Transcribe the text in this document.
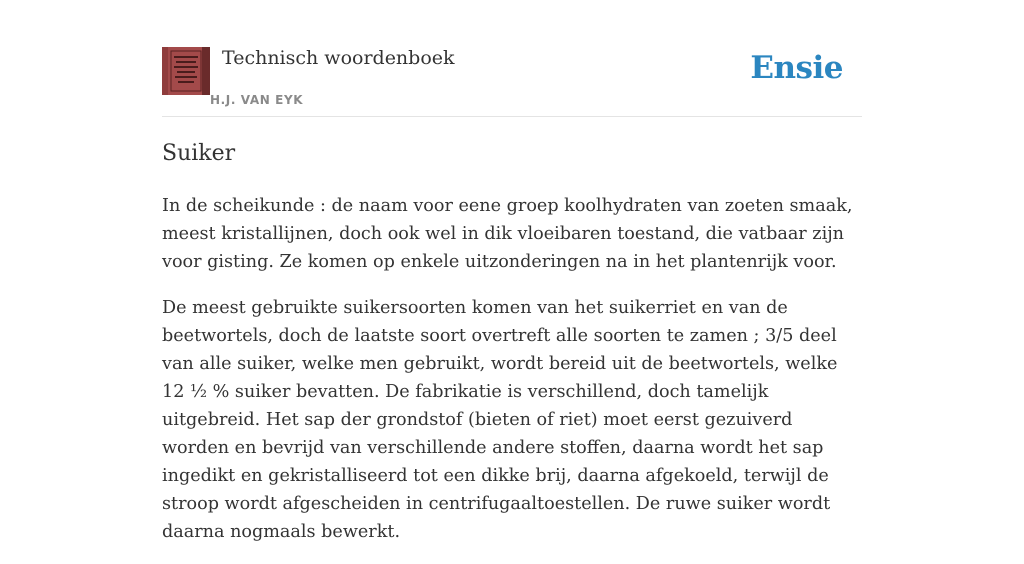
Technisch woordenboek
H.J. VAN EYK
Ensie
Suiker

In de scheikunde : de naam voor eene groep koolhydraten van zoeten smaak, meest kristallijnen, doch ook wel in dik vloeibaren toestand, die vatbaar zijn voor gisting. Ze komen op enkele uitzonderingen na in het plantenrijk voor.

De meest gebruikte suikersoorten komen van het suikerriet en van de beetwortels, doch de laatste soort overtreft alle soorten te zamen ; 3/5 deel van alle suiker, welke men gebruikt, wordt bereid uit de beetwortels, welke 12 ½ % suiker bevatten. De fabrikatie is verschillend, doch tamelijk uitgebreid. Het sap der grondstof (bieten of riet) moet eerst gezuiverd worden en bevrijd van verschillende andere stoffen, daarna wordt het sap ingedikt en gekristalliseerd tot een dikke brij, daarna afgekoeld, terwijl de stroop wordt afgescheiden in centrifugaaltoestellen. De ruwe suiker wordt daarna nogmaals bewerkt.
